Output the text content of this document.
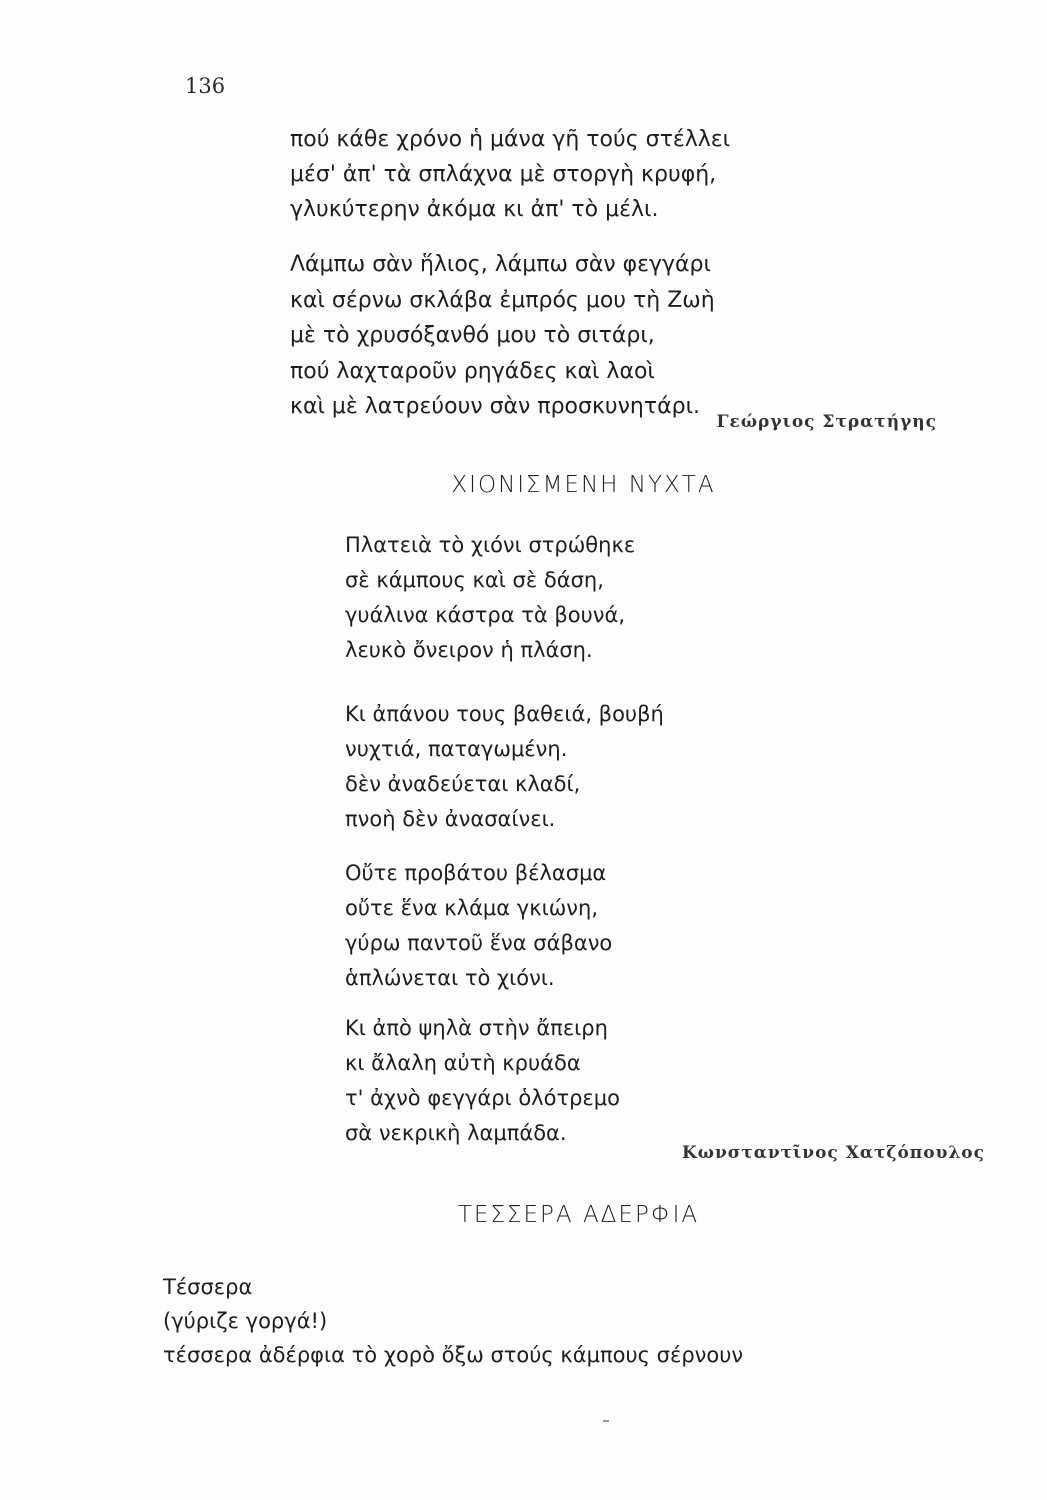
136
πού κάθε χρόνο ἡ μάνα γῆ τούς στέλλει
μέσ' ἀπ' τὰ σπλάχνα μὲ στοργὴ κρυφή,
γλυκύτερην ἀκόμα κι ἀπ' τὸ μέλι.
Λάμπω σὰν ἥλιος, λάμπω σὰν φεγγάρι
καὶ σέρνω σκλάβα ἐμπρός μου τὴ Ζωὴ
μὲ τὸ χρυσόξανθό μου τὸ σιτάρι,
πού λαχταροῦν ρηγάδες καὶ λαοὶ
καὶ μὲ λατρεύουν σὰν προσκυνητάρι.
Γεώργιος Στρατήγης
ΧΙΟΝΙΣΜΕΝΗ ΝΥΧΤΑ
Πλατειὰ τὸ χιόνι στρώθηκε
σὲ κάμπους καὶ σὲ δάση,
γυάλινα κάστρα τὰ βουνά,
λευκὸ ὄνειρον ἡ πλάση.
Κι ἀπάνου τους βαθειά, βουβή
νυχτιά, παταγωμένη.
δὲν ἀναδεύεται κλαδί,
πνοὴ δὲν ἀνασαίνει.
Οὔτε προβάτου βέλασμα
οὔτε ἕνα κλάμα γκιώνη,
γύρω παντοῦ ἕνα σάβανο
ἁπλώνεται τὸ χιόνι.
Κι ἀπὸ ψηλὰ στὴν ἄπειρη
κι ἄλαλη αὐτὴ κρυάδα
τ' ἀχνὸ φεγγάρι ὁλότρεμο
σὰ νεκρικὴ λαμπάδα.
Κωνσταντῖνος Χατζόπουλος
ΤΕΣΣΕΡΑ ΑΔΕΡΦΙΑ
Τέσσερα
(γύριζε γοργά!)
τέσσερα ἀδέρφια τὸ χορὸ ὄξω στούς κάμπους σέρνουν
